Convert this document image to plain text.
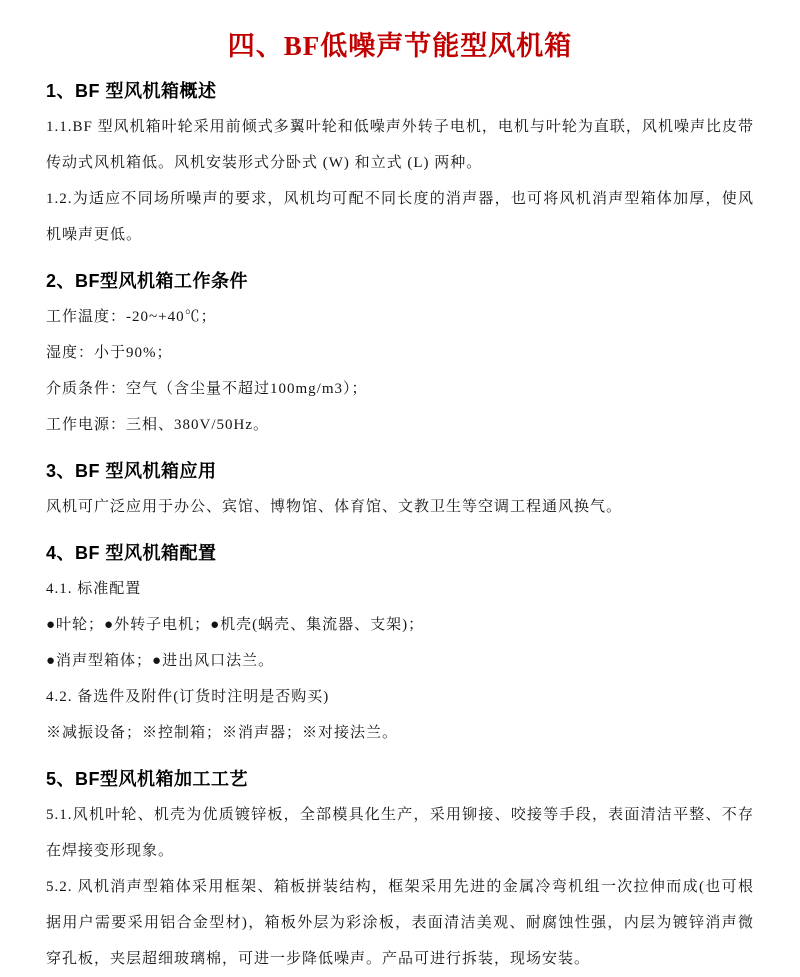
四、BF低噪声节能型风机箱
1、BF 型风机箱概述

1.1.BF 型风机箱叶轮采用前倾式多翼叶轮和低噪声外转子电机，电机与叶轮为直联，风机噪声比皮带传动式风机箱低。风机安装形式分卧式 (W) 和立式 (L) 两种。

1.2.为适应不同场所噪声的要求，风机均可配不同长度的消声器，也可将风机消声型箱体加厚，使风机噪声更低。

2、BF型风机箱工作条件

工作温度：-20~+40℃；

湿度：小于90%；

介质条件：空气（含尘量不超过100mg/m3）；

工作电源：三相、380V/50Hz。

3、BF 型风机箱应用

风机可广泛应用于办公、宾馆、博物馆、体育馆、文教卫生等空调工程通风换气。

4、BF 型风机箱配置

4.1. 标准配置

●叶轮；●外转子电机；●机壳(蜗壳、集流器、支架)；

●消声型箱体；●进出风口法兰。

4.2. 备选件及附件(订货时注明是否购买)

※减振设备；※控制箱；※消声器；※对接法兰。

5、BF型风机箱加工工艺

5.1.风机叶轮、机壳为优质镀锌板，全部模具化生产，采用铆接、咬接等手段，表面清洁平整、不存在焊接变形现象。

5.2. 风机消声型箱体采用框架、箱板拼装结构，框架采用先进的金属冷弯机组一次拉伸而成(也可根据用户需要采用铝合金型材)，箱板外层为彩涂板，表面清洁美观、耐腐蚀性强，内层为镀锌消声微穿孔板，夹层超细玻璃棉，可进一步降低噪声。产品可进行拆装，现场安装。
